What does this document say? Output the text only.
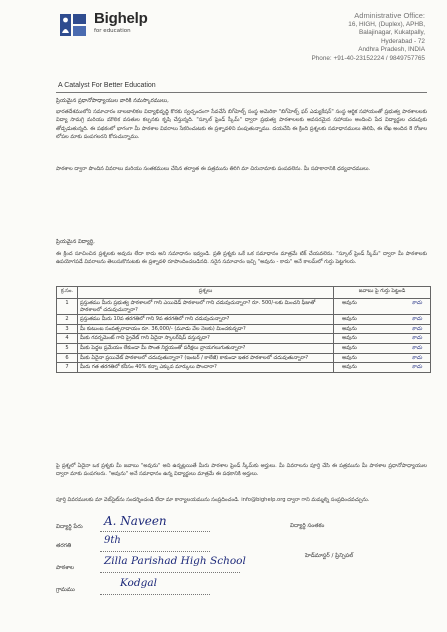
Bighelp
for education
A Catalyst For Better Education
Administrative Office:
16, HIGH, (Duplex), APHB,
Balajinagar, Kukatpally,
Hyderabad - 72
Andhra Pradesh, INDIA
Phone: +91-40-23152224 / 9849757765
ప్రియమైన ప్రధానోపాధ్యాయుల వారికి నమస్కారములు,
భారతదేశములోని సమాచారం బాలబాలికల విద్యాభివృద్ధి కొరకు స్వచ్ఛందంగా సేవచేసే బిగ్‌హెల్ప్ సంస్థ అమెరికా "బిగ్‌హెల్ప్ ఫర్ ఎడ్యుకేషన్" సంస్థ ఆర్థిక సహాయంతో ప్రభుత్వ పాఠశాలలకు విద్యా సామగ్రి మరియు మౌలిక వసతుల కల్పనకు కృషి చేస్తున్నది. "స్కూల్ ఫ్రెండ్ స్కీమ్" ద్వారా ప్రభుత్వ పాఠశాలలకు అవసరమైన సహాయం అందించి పేద విద్యార్థుల చదువుకు తోడ్పడుతున్నది. ఈ పథకంలో భాగంగా మీ పాఠశాల వివరాలు సేకరించుటకు ఈ ప్రశ్నావళిని పంపుతున్నాము. దయచేసి ఈ క్రింది ప్రశ్నలకు సమాధానములు తెలిపి, ఈ లేఖ అందిన 8 రోజుల లోపల మాకు పంపగలరని కోరుచున్నాము.
పాఠశాల ద్వారా పొందిన వివరాలు మరియు సంతకములు చేసిన తర్వాత ఈ పత్రమును తిరిగి మా చిరునామాకు పంపవలెను. మీ సహకారానికి ధన్యవాదములు.
ప్రియమైన విద్యార్థి,
ఈ క్రింద సూచించిన ప్రశ్నలకు అవును లేదా కాదు అని సమాధానం ఇవ్వండి. ప్రతి ప్రశ్నకు ఒకే ఒక సమాధానం మాత్రమే టిక్ చేయవలెను. "స్కూల్ ఫ్రెండ్ స్కీమ్" ద్వారా మీ పాఠశాలకు ఉపయోగపడే వివరాలను తెలుసుకొనుటకు ఈ ప్రశ్నావళి రూపొందించబడినది. సరైన సమాచారం ఇచ్చి "అవును - కాదు" అనే కాలమ్‌లో గుర్తు పెట్టగలరు.
క్ర.సం.	ప్రశ్నలు	జవాబు పై గుర్తు పెట్టండి
1	ప్రస్తుతము మీరు ప్రభుత్వ పాఠశాలలో గాని ఎయిడెడ్ పాఠశాలలో గాని చదువుచున్నారా? రూ. 500/-లకు మించని ఫీజుతో పాఠశాలలో చదువుచున్నారా?	అవును కాదు

2	ప్రస్తుతము మీరు 10వ తరగతిలో గాని 9వ తరగతిలో గాని చదువుచున్నారా?	అవును కాదు

3	మీ కుటుంబ సంవత్సరాదాయం రూ. 36,000/- (మూడు వేల నెలకు) మించకున్నదా?	అవును కాదు

4	మీకు గవర్నమెంట్ గాని ప్రైవేట్ గాని ఏదైనా స్కాలర్‌షిప్ వస్తున్నదా?	అవును కాదు

5	మీకు పెద్దల ప్రమేయం లేకుండా మీ సొంత నిర్ణయంతో పరీక్షలు వ్రాయగలుగుతున్నారా?	అవును కాదు

6	మీకు ఏదైనా ప్రయివేట్ పాఠశాలలో చదువుతున్నారా? (ఇంటర్ / కాలేజీ) కాకుండా ఇతర పాఠశాలలో చదువుతున్నారా?	అవును కాదు

7	మీరు గత తరగతిలో కనీసం 40% కన్నా ఎక్కువ మార్కులు పొందారా?	అవును కాదు
పై ప్రశ్నలో ఏదైనా ఒక ప్రశ్నకు మీ జవాబు "అవును" అని ఉన్నట్లయితే మీరు పాఠశాల ఫ్రెండ్ స్కీమ్‌కు అర్హులు. మీ వివరాలను పూర్తి చేసి ఈ పత్రమును మీ పాఠశాల ప్రధానోపాధ్యాయుల ద్వారా మాకు పంపగలరు. "అవును" అనే సమాధానం ఉన్న విద్యార్థులు మాత్రమే ఈ పథకానికి అర్హులు.
పూర్తి వివరములకు మా వెబ్‌సైట్‌ను సందర్శించండి లేదా మా కార్యాలయమును సంప్రదించండి. info@bighelp.org ద్వారా గాని మమ్మల్ని సంప్రదించవచ్చును.
విద్యార్థి పేరు A. Naveen	విద్యార్థి సంతకం
తరగతి	9th
పాఠశాల
Zilla Parishad High School	హెడ్‌మాస్టర్ / ప్రిన్సిపల్
గ్రామము
Kodgal
